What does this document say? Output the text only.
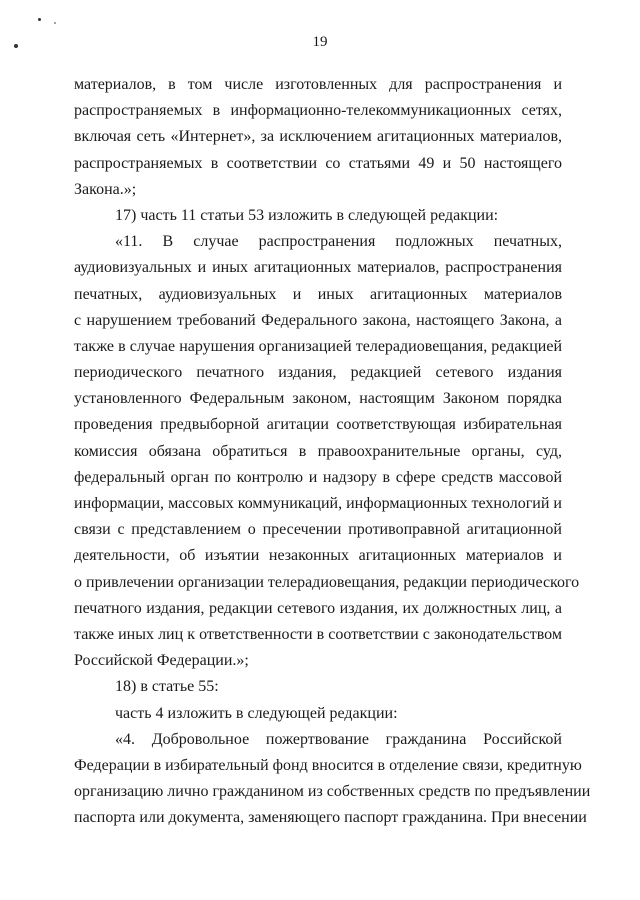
19
материалов, в том числе изготовленных для распространения и
распространяемых в информационно-телекоммуникационных сетях,
включая сеть «Интернет», за исключением агитационных материалов,
распространяемых в соответствии со статьями 49 и 50 настоящего
Закона.»;
17) часть 11 статьи 53 изложить в следующей редакции:
«11. В случае распространения подложных печатных,
аудиовизуальных и иных агитационных материалов, распространения
печатных, аудиовизуальных и иных агитационных материалов
с нарушением требований Федерального закона, настоящего Закона, а
также в случае нарушения организацией телерадиовещания, редакцией
периодического печатного издания, редакцией сетевого издания
установленного Федеральным законом, настоящим Законом порядка
проведения предвыборной агитации соответствующая избирательная
комиссия обязана обратиться в правоохранительные органы, суд,
федеральный орган по контролю и надзору в сфере средств массовой
информации, массовых коммуникаций, информационных технологий и
связи с представлением о пресечении противоправной агитационной
деятельности, об изъятии незаконных агитационных материалов и
о привлечении организации телерадиовещания, редакции периодического
печатного издания, редакции сетевого издания, их должностных лиц, а
также иных лиц к ответственности в соответствии с законодательством
Российской Федерации.»;
18) в статье 55:
часть 4 изложить в следующей редакции:
«4. Добровольное пожертвование гражданина Российской
Федерации в избирательный фонд вносится в отделение связи, кредитную
организацию лично гражданином из собственных средств по предъявлении
паспорта или документа, заменяющего паспорт гражданина. При внесении
